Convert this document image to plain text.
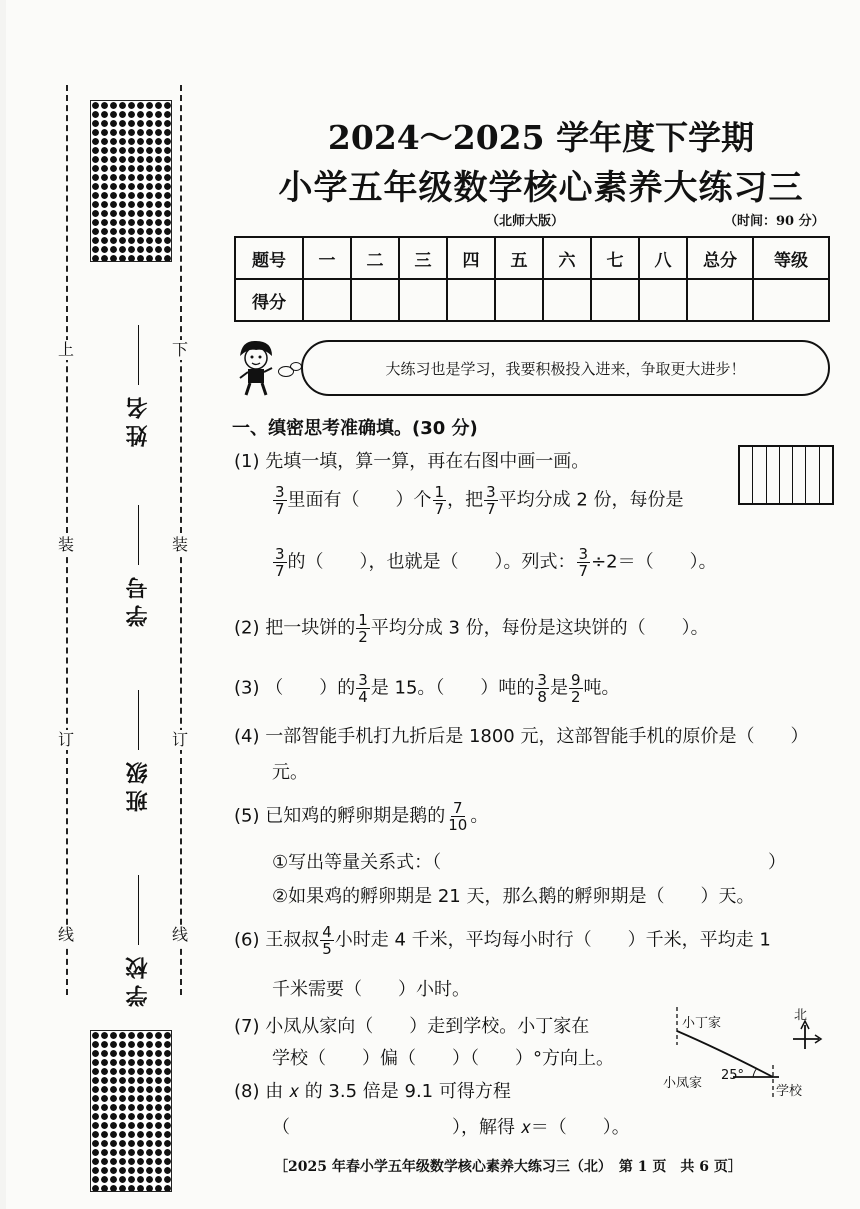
上	下
装	装
订	订
线	线
姓名
学号
班级
学校
2024～2025 学年度下学期
小学五年级数学核心素养大练习三
（北师大版）	（时间：90 分）
题号	一	二	三	四	五	六	七	八	总分	等级
得分										
大练习也是学习，我要积极投入进来，争取更大进步！
一、缜密思考准确填。(30 分)
(1) 先填一填，算一算，再在右图中画一画。
$\frac{3}{7}$ 里面有（　　）个 $\frac{1}{7}$ ，把 $\frac{3}{7}$ 平均分成 2 份，每份是
$\frac{3}{7}$ 的（　　），也就是（　　）。列式： $\frac{3}{7} \div 2=$（　　）。
(2) 把一块饼的 $\frac{1}{2}$ 平均分成 3 份，每份是这块饼的（　　）。
(3) （　　）的 $\frac{3}{4}$ 是 15。（　　）吨的 $\frac{3}{8}$ 是 $\frac{9}{2}$ 吨。
(4) 一部智能手机打九折后是 1800 元，这部智能手机的原价是（　　）
元。
(5) 已知鸡的孵卵期是鹅的 $\frac{7}{10}$ 。
①写出等量关系式：（	）
②如果鸡的孵卵期是 21 天，那么鹅的孵卵期是（　　）天。
(6) 王叔叔 $\frac{4}{5}$ 小时走 4 千米，平均每小时行（　　）千米，平均走 1
千米需要（　　）小时。
(7) 小凤从家向（　　）走到学校。小丁家在
学校（　　）偏（　　）（　　）°方向上。
(8) 由 𝑥 的 3.5 倍是 9.1 可得方程
（　　　　　　　　　），解得 𝑥＝（　　）。
小丁家
小凤家
学校
北
25°
［2025 年春小学五年级数学核心素养大练习三（北）　第 1 页　共 6 页］
